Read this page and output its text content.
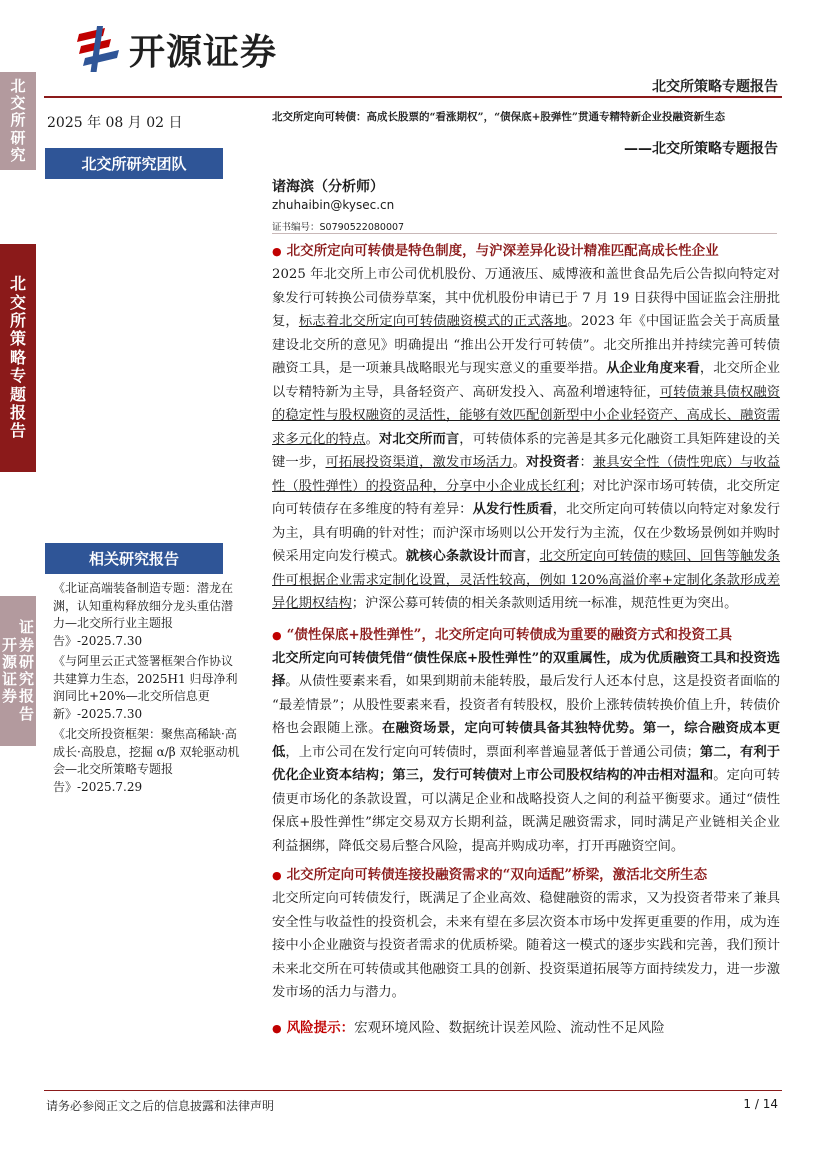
开源证券
北交所策略专题报告
北
交
所
研
究
北
交
所
策
略
专
题
报
告
开
源
证
券
证
券
研
究
报
告
2025 年 08 月 02 日
北交所研究团队
相关研究报告

《北证高端装备制造专题：潜龙在渊，认知重构释放细分龙头重估潜力—北交所行业主题报告》-2025.7.30

《与阿里云正式签署框架合作协议共建算力生态，2025H1 归母净利润同比+20%—北交所信息更新》-2025.7.30

《北交所投资框架：聚焦高稀缺·高成长·高股息，挖掘 α/β 双轮驱动机会—北交所策略专题报告》-2025.7.29

北交所定向可转债：高成长股票的“看涨期权”，“债保底+股弹性”贯通专精特新企业投融资新生态
——北交所策略专题报告
诸海滨（分析师）
zhuhaibin@kysec.cn
证书编号：S0790522080007
● 北交所定向可转债是特色制度，与沪深差异化设计精准匹配高成长性企业
2025 年北交所上市公司优机股份、万通液压、威博液和盖世食品先后公告拟向特定对象发行可转换公司债券草案，其中优机股份申请已于 7 月 19 日获得中国证监会注册批复，标志着北交所定向可转债融资模式的正式落地。2023 年《中国证监会关于高质量建设北交所的意见》明确提出 “推出公开发行可转债”。北交所推出并持续完善可转债融资工具，是一项兼具战略眼光与现实意义的重要举措。从企业角度来看，北交所企业以专精特新为主导，具备轻资产、高研发投入、高盈利增速特征，可转债兼具债权融资的稳定性与股权融资的灵活性，能够有效匹配创新型中小企业轻资产、高成长、融资需求多元化的特点。对北交所而言，可转债体系的完善是其多元化融资工具矩阵建设的关键一步，可拓展投资渠道，激发市场活力。对投资者：兼具安全性（债性兜底）与收益性（股性弹性）的投资品种，分享中小企业成长红利；对比沪深市场可转债，北交所定向可转债存在多维度的特有差异：从发行性质看，北交所定向可转债以向特定对象发行为主，具有明确的针对性；而沪深市场则以公开发行为主流，仅在少数场景例如并购时候采用定向发行模式。就核心条款设计而言，北交所定向可转债的赎回、回售等触发条件可根据企业需求定制化设置，灵活性较高，例如 120%高溢价率+定制化条款形成差异化期权结构；沪深公募可转债的相关条款则适用统一标准，规范性更为突出。
● “债性保底+股性弹性”，北交所定向可转债成为重要的融资方式和投资工具
北交所定向可转债凭借“债性保底+股性弹性”的双重属性，成为优质融资工具和投资选择。从债性要素来看，如果到期前未能转股，最后发行人还本付息，这是投资者面临的 “最差情景”；从股性要素来看，投资者有转股权，股价上涨转债转换价值上升，转债价格也会跟随上涨。在融资场景，定向可转债具备其独特优势。第一，综合融资成本更低，上市公司在发行定向可转债时，票面利率普遍显著低于普通公司债；第二，有利于优化企业资本结构；第三，发行可转债对上市公司股权结构的冲击相对温和。定向可转债更市场化的条款设置，可以满足企业和战略投资人之间的利益平衡要求。通过“债性保底+股性弹性”绑定交易双方长期利益，既满足融资需求，同时满足产业链相关企业利益捆绑，降低交易后整合风险，提高并购成功率，打开再融资空间。
● 北交所定向可转债连接投融资需求的“双向适配”桥梁，激活北交所生态
北交所定向可转债发行，既满足了企业高效、稳健融资的需求，又为投资者带来了兼具安全性与收益性的投资机会，未来有望在多层次资本市场中发挥更重要的作用，成为连接中小企业融资与投资者需求的优质桥梁。随着这一模式的逐步实践和完善，我们预计未来北交所在可转债或其他融资工具的创新、投资渠道拓展等方面持续发力，进一步激发市场的活力与潜力。
● 风险提示：宏观环境风险、数据统计误差风险、流动性不足风险
请务必参阅正文之后的信息披露和法律声明	1 / 14
